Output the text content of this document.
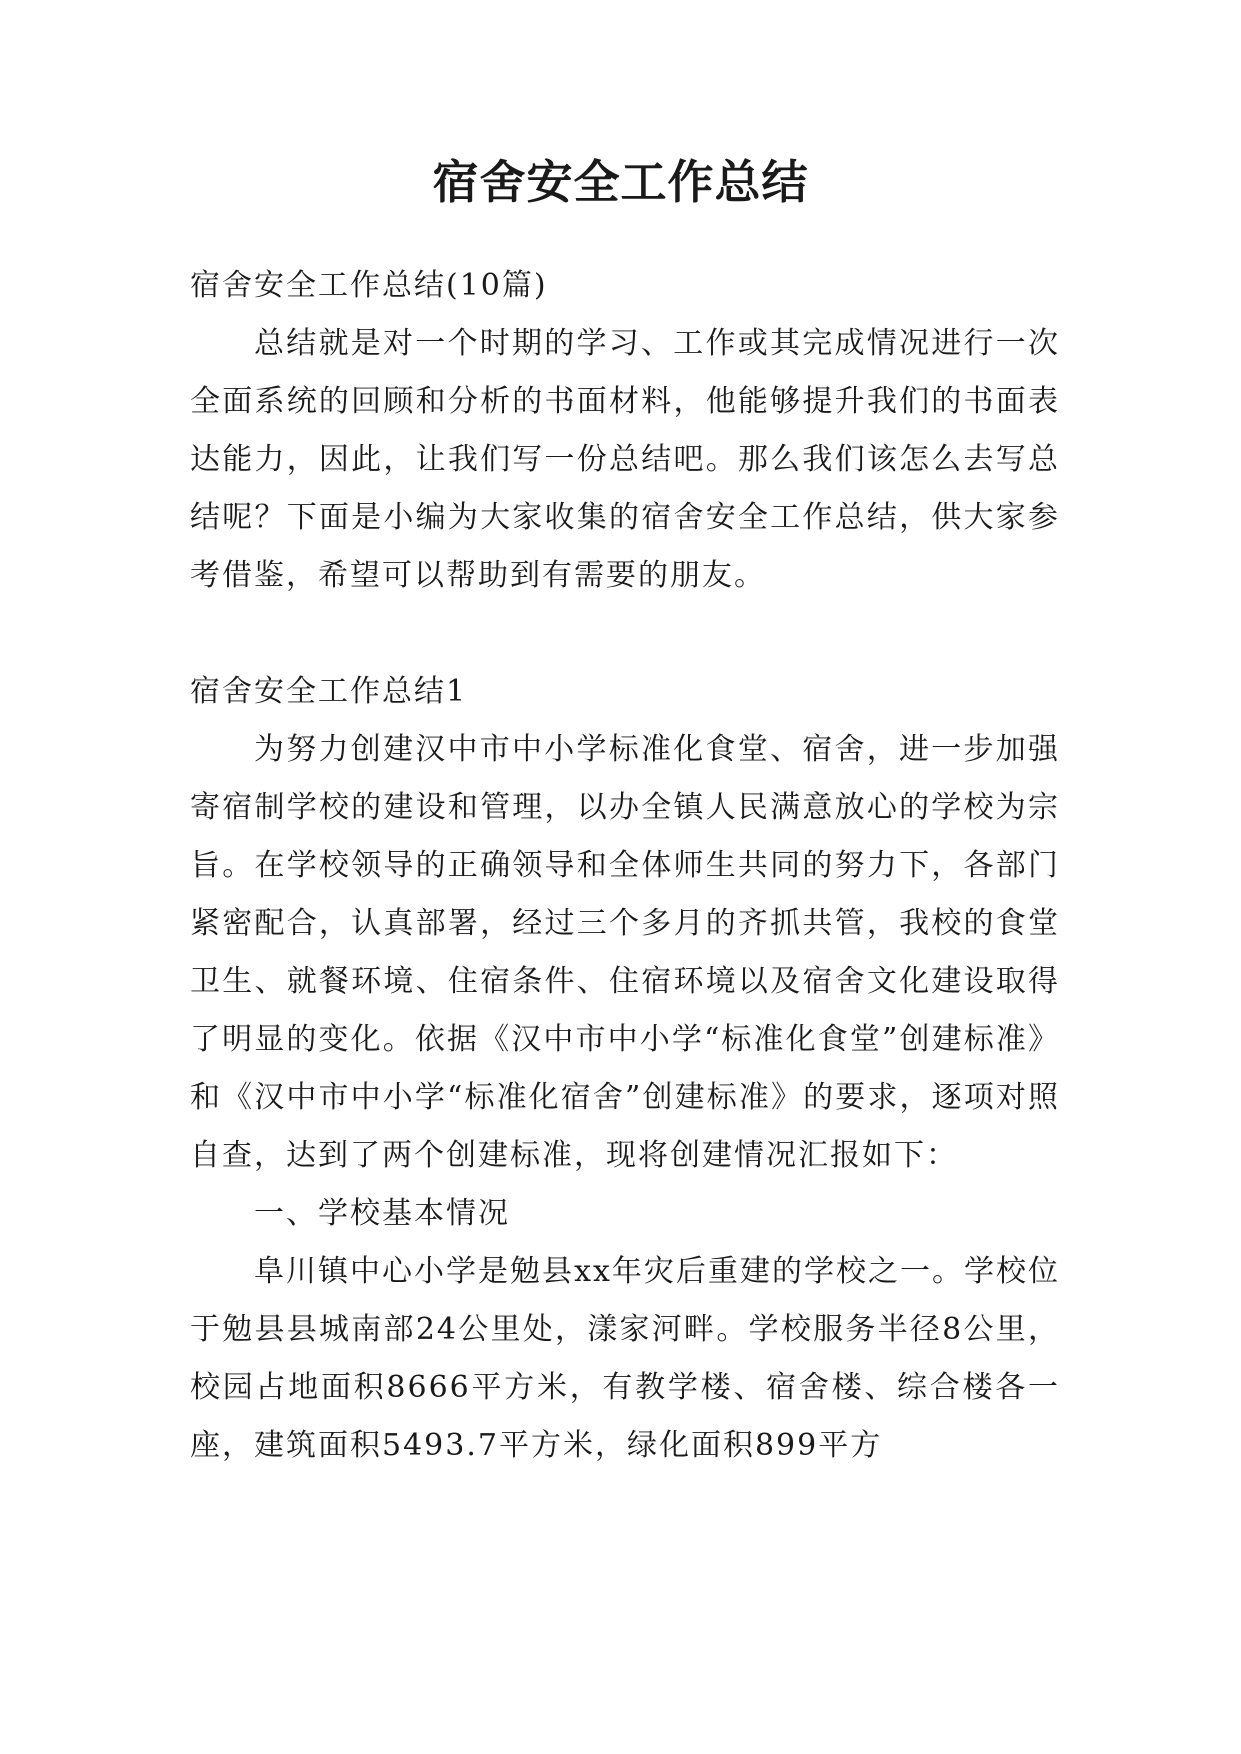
宿舍安全工作总结

宿舍安全工作总结(10篇)

总结就是对一个时期的学习、工作或其完成情况进行一次全面系统的回顾和分析的书面材料，他能够提升我们的书面表达能力，因此，让我们写一份总结吧。那么我们该怎么去写总结呢？下面是小编为大家收集的宿舍安全工作总结，供大家参考借鉴，希望可以帮助到有需要的朋友。

宿舍安全工作总结1

为努力创建汉中市中小学标准化食堂、宿舍，进一步加强寄宿制学校的建设和管理，以办全镇人民满意放心的学校为宗旨。在学校领导的正确领导和全体师生共同的努力下，各部门紧密配合，认真部署，经过三个多月的齐抓共管，我校的食堂卫生、就餐环境、住宿条件、住宿环境以及宿舍文化建设取得了明显的变化。依据《汉中市中小学“标准化食堂”创建标准》和《汉中市中小学“标准化宿舍”创建标准》的要求，逐项对照自查，达到了两个创建标准，现将创建情况汇报如下：

一、学校基本情况

阜川镇中心小学是勉县xx年灾后重建的学校之一。学校位于勉县县城南部24公里处，漾家河畔。学校服务半径8公里，校园占地面积8666平方米，有教学楼、宿舍楼、综合楼各一座，建筑面积5493.7平方米，绿化面积899平方
